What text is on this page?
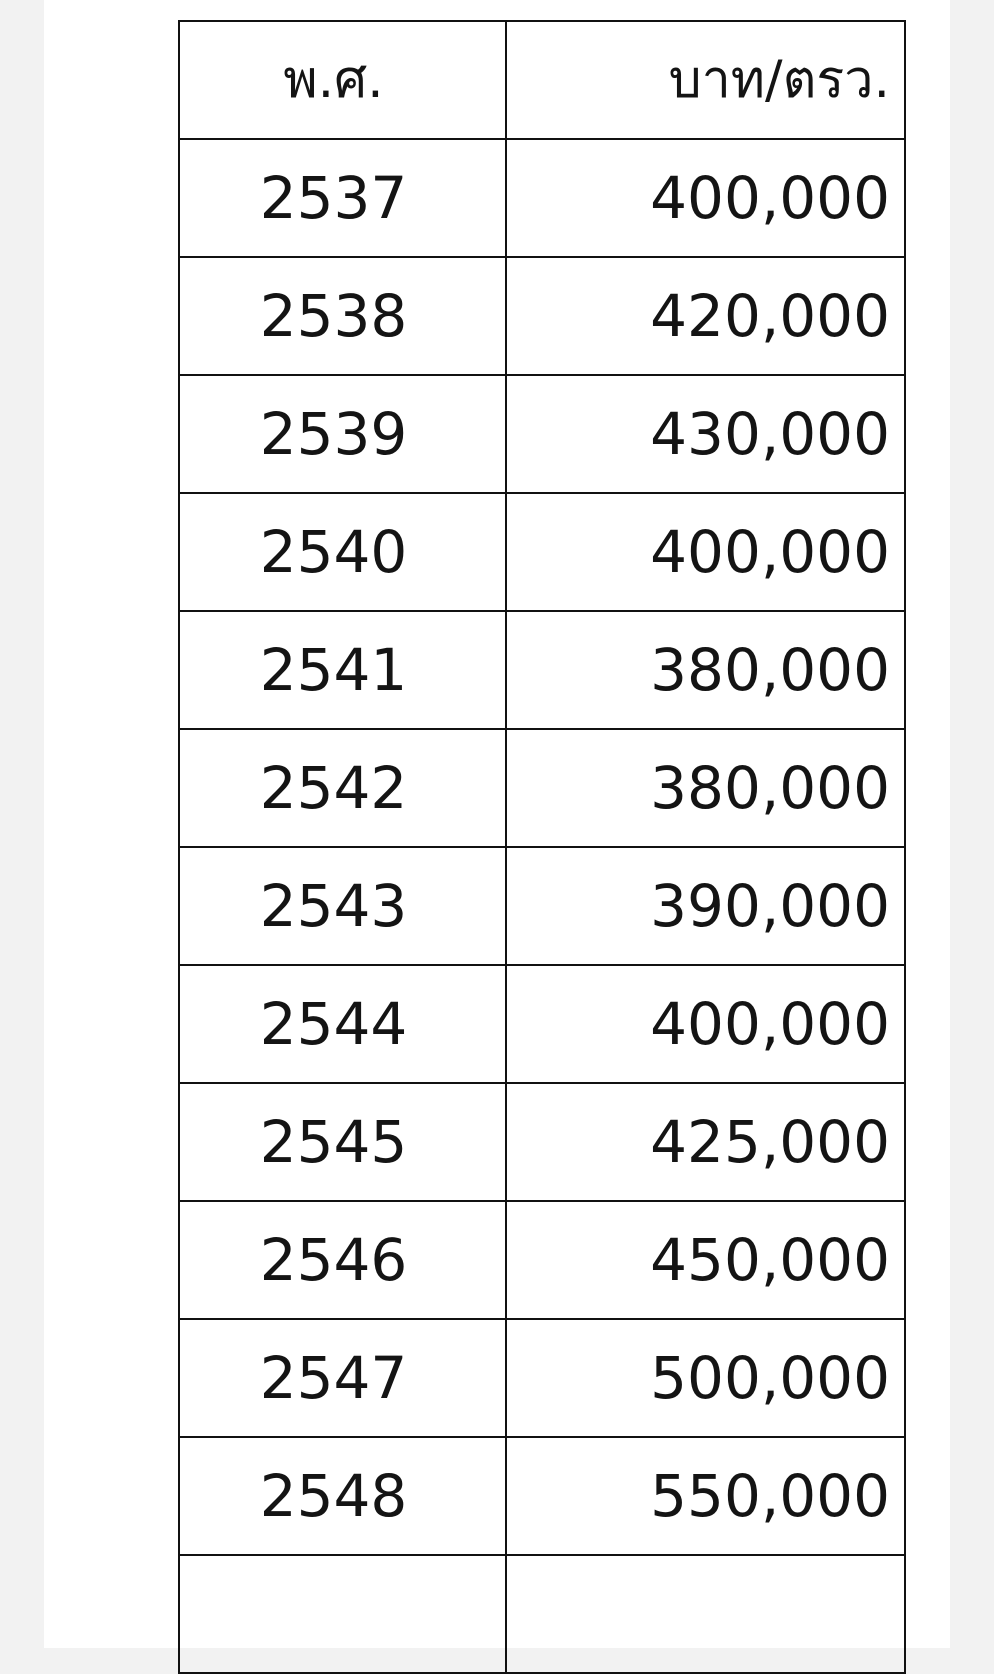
พ.ศ.	บาท/ตรว.
2537	400,000
2538	420,000
2539	430,000
2540	400,000
2541	380,000
2542	380,000
2543	390,000
2544	400,000
2545	425,000
2546	450,000
2547	500,000
2548	550,000
